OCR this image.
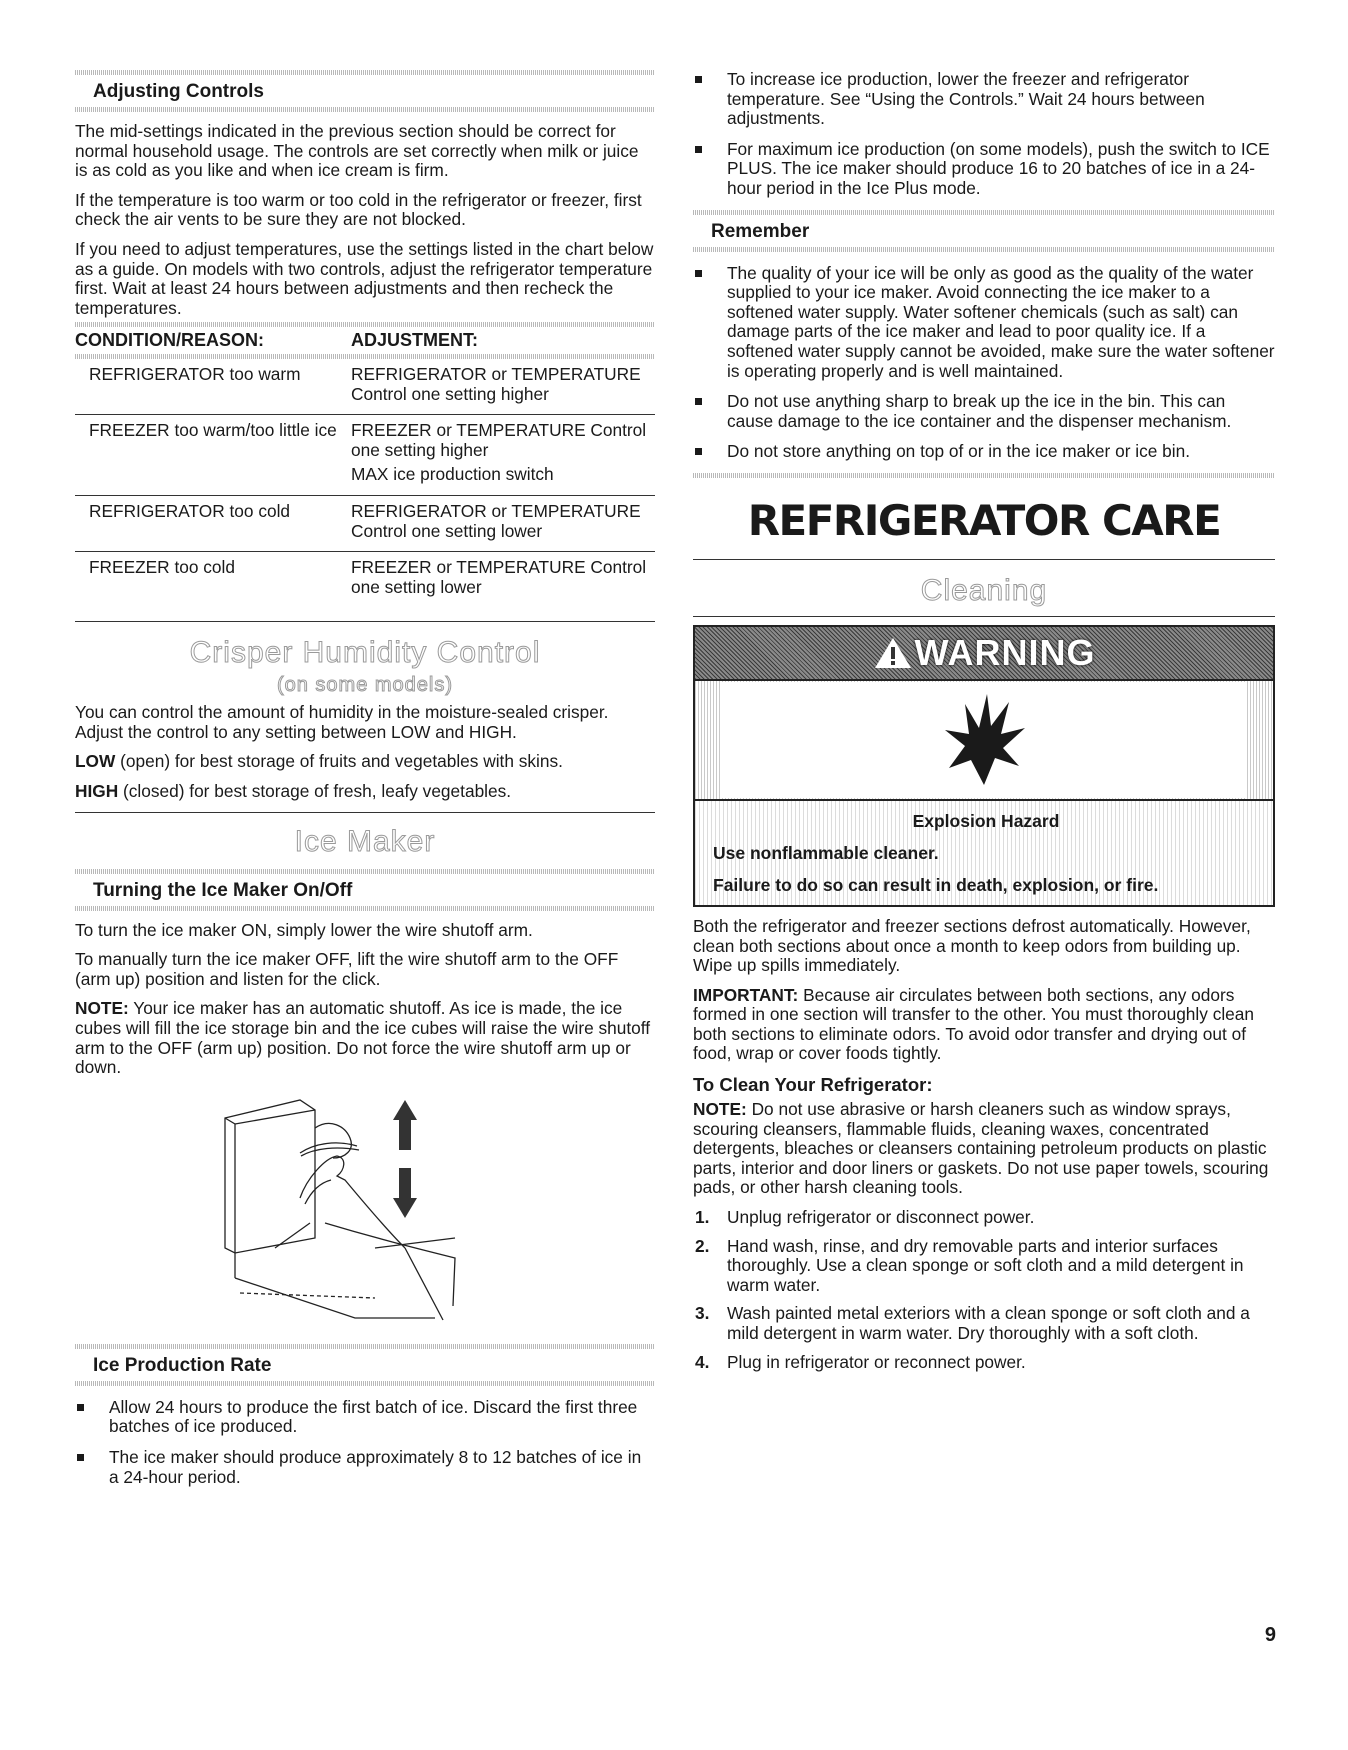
Adjusting Controls

The mid-settings indicated in the previous section should be correct for normal household usage. The controls are set correctly when milk or juice is as cold as you like and when ice cream is firm.

If the temperature is too warm or too cold in the refrigerator or freezer, first check the air vents to be sure they are not blocked.

If you need to adjust temperatures, use the settings listed in the chart below as a guide. On models with two controls, adjust the refrigerator temperature first. Wait at least 24 hours between adjustments and then recheck the temperatures.

CONDITION/REASON:	ADJUSTMENT:

REFRIGERATOR too warm	REFRIGERATOR or TEMPERATURE Control one setting higher
FREEZER too warm/too little ice	FREEZER or TEMPERATURE Control one setting higher
MAX ice production switch

REFRIGERATOR too cold	REFRIGERATOR or TEMPERATURE Control one setting lower
FREEZER too cold	FREEZER or TEMPERATURE Control one setting lower
Crisper Humidity Control
(on some models)

You can control the amount of humidity in the moisture-sealed crisper. Adjust the control to any setting between LOW and HIGH.

LOW (open) for best storage of fruits and vegetables with skins.

HIGH (closed) for best storage of fresh, leafy vegetables.

Ice Maker
Turning the Ice Maker On/Off

To turn the ice maker ON, simply lower the wire shutoff arm.

To manually turn the ice maker OFF, lift the wire shutoff arm to the OFF (arm up) position and listen for the click.

NOTE: Your ice maker has an automatic shutoff. As ice is made, the ice cubes will fill the ice storage bin and the ice cubes will raise the wire shutoff arm to the OFF (arm up) position. Do not force the wire shutoff arm up or down.

Ice Production Rate
Allow 24 hours to produce the first batch of ice. Discard the first three batches of ice produced.
The ice maker should produce approximately 8 to 12 batches of ice in a 24-hour period.
To increase ice production, lower the freezer and refrigerator temperature. See “Using the Controls.” Wait 24 hours between adjustments.
For maximum ice production (on some models), push the switch to ICE PLUS. The ice maker should produce 16 to 20 batches of ice in a 24-hour period in the Ice Plus mode.
Remember
The quality of your ice will be only as good as the quality of the water supplied to your ice maker. Avoid connecting the ice maker to a softened water supply. Water softener chemicals (such as salt) can damage parts of the ice maker and lead to poor quality ice. If a softened water supply cannot be avoided, make sure the water softener is operating properly and is well maintained.
Do not use anything sharp to break up the ice in the bin. This can cause damage to the ice container and the dispenser mechanism.
Do not store anything on top of or in the ice maker or ice bin.
REFRIGERATOR CARE
Cleaning
WARNING
Explosion Hazard
Use nonflammable cleaner.
Failure to do so can result in death, explosion, or fire.

Both the refrigerator and freezer sections defrost automatically. However, clean both sections about once a month to keep odors from building up. Wipe up spills immediately.

IMPORTANT: Because air circulates between both sections, any odors formed in one section will transfer to the other. You must thoroughly clean both sections to eliminate odors. To avoid odor transfer and drying out of food, wrap or cover foods tightly.

To Clean Your Refrigerator:

NOTE: Do not use abrasive or harsh cleaners such as window sprays, scouring cleansers, flammable fluids, cleaning waxes, concentrated detergents, bleaches or cleansers containing petroleum products on plastic parts, interior and door liners or gaskets. Do not use paper towels, scouring pads, or other harsh cleaning tools.

1. Unplug refrigerator or disconnect power.
2. Hand wash, rinse, and dry removable parts and interior surfaces thoroughly. Use a clean sponge or soft cloth and a mild detergent in warm water.
3. Wash painted metal exteriors with a clean sponge or soft cloth and a mild detergent in warm water. Dry thoroughly with a soft cloth.
4. Plug in refrigerator or reconnect power.
9
